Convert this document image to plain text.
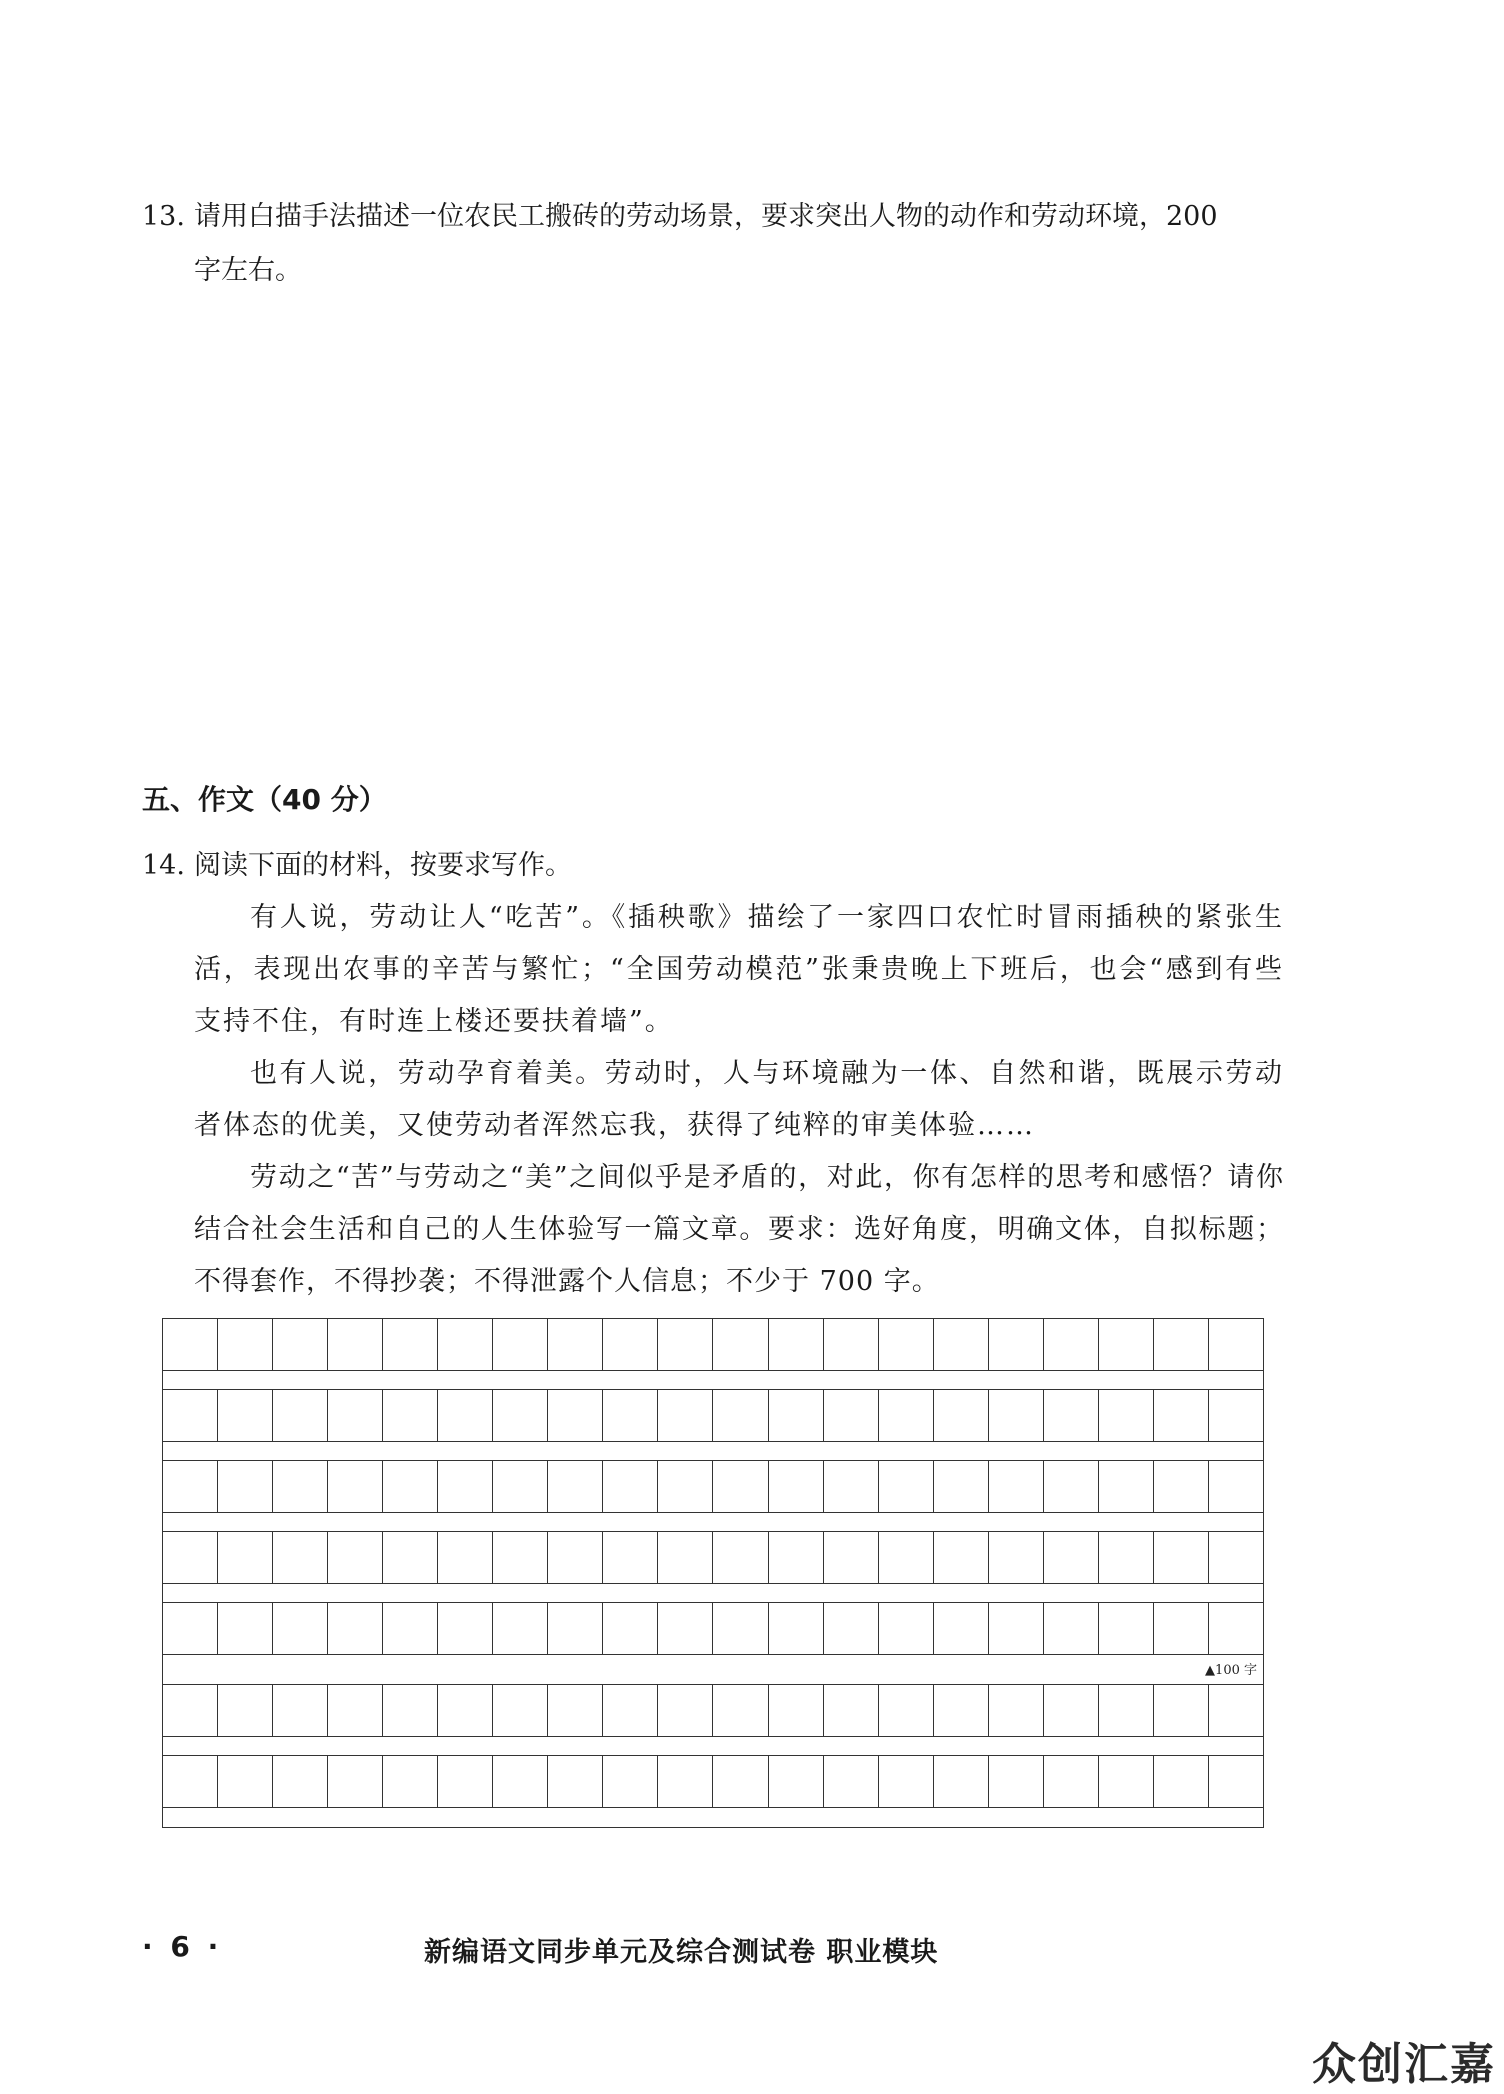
13. 请用白描手法描述一位农民工搬砖的劳动场景，要求突出人物的动作和劳动环境，200
字左右。
五、作文（40 分）
14. 阅读下面的材料，按要求写作。

有人说，劳动让人“吃苦”。《插秧歌》描绘了一家四口农忙时冒雨插秧的紧张生活，表现出农事的辛苦与繁忙；“全国劳动模范”张秉贵晚上下班后，也会“感到有些支持不住，有时连上楼还要扶着墙”。

也有人说，劳动孕育着美。劳动时，人与环境融为一体、自然和谐，既展示劳动者体态的优美，又使劳动者浑然忘我，获得了纯粹的审美体验……

劳动之“苦”与劳动之“美”之间似乎是矛盾的，对此，你有怎样的思考和感悟？请你结合社会生活和自己的人生体验写一篇文章。要求：选好角度，明确文体，自拟标题；不得套作，不得抄袭；不得泄露个人信息；不少于 700 字。

▲100 字
· 6 ·	新编语文同步单元及综合测试卷 职业模块
众创汇嘉
